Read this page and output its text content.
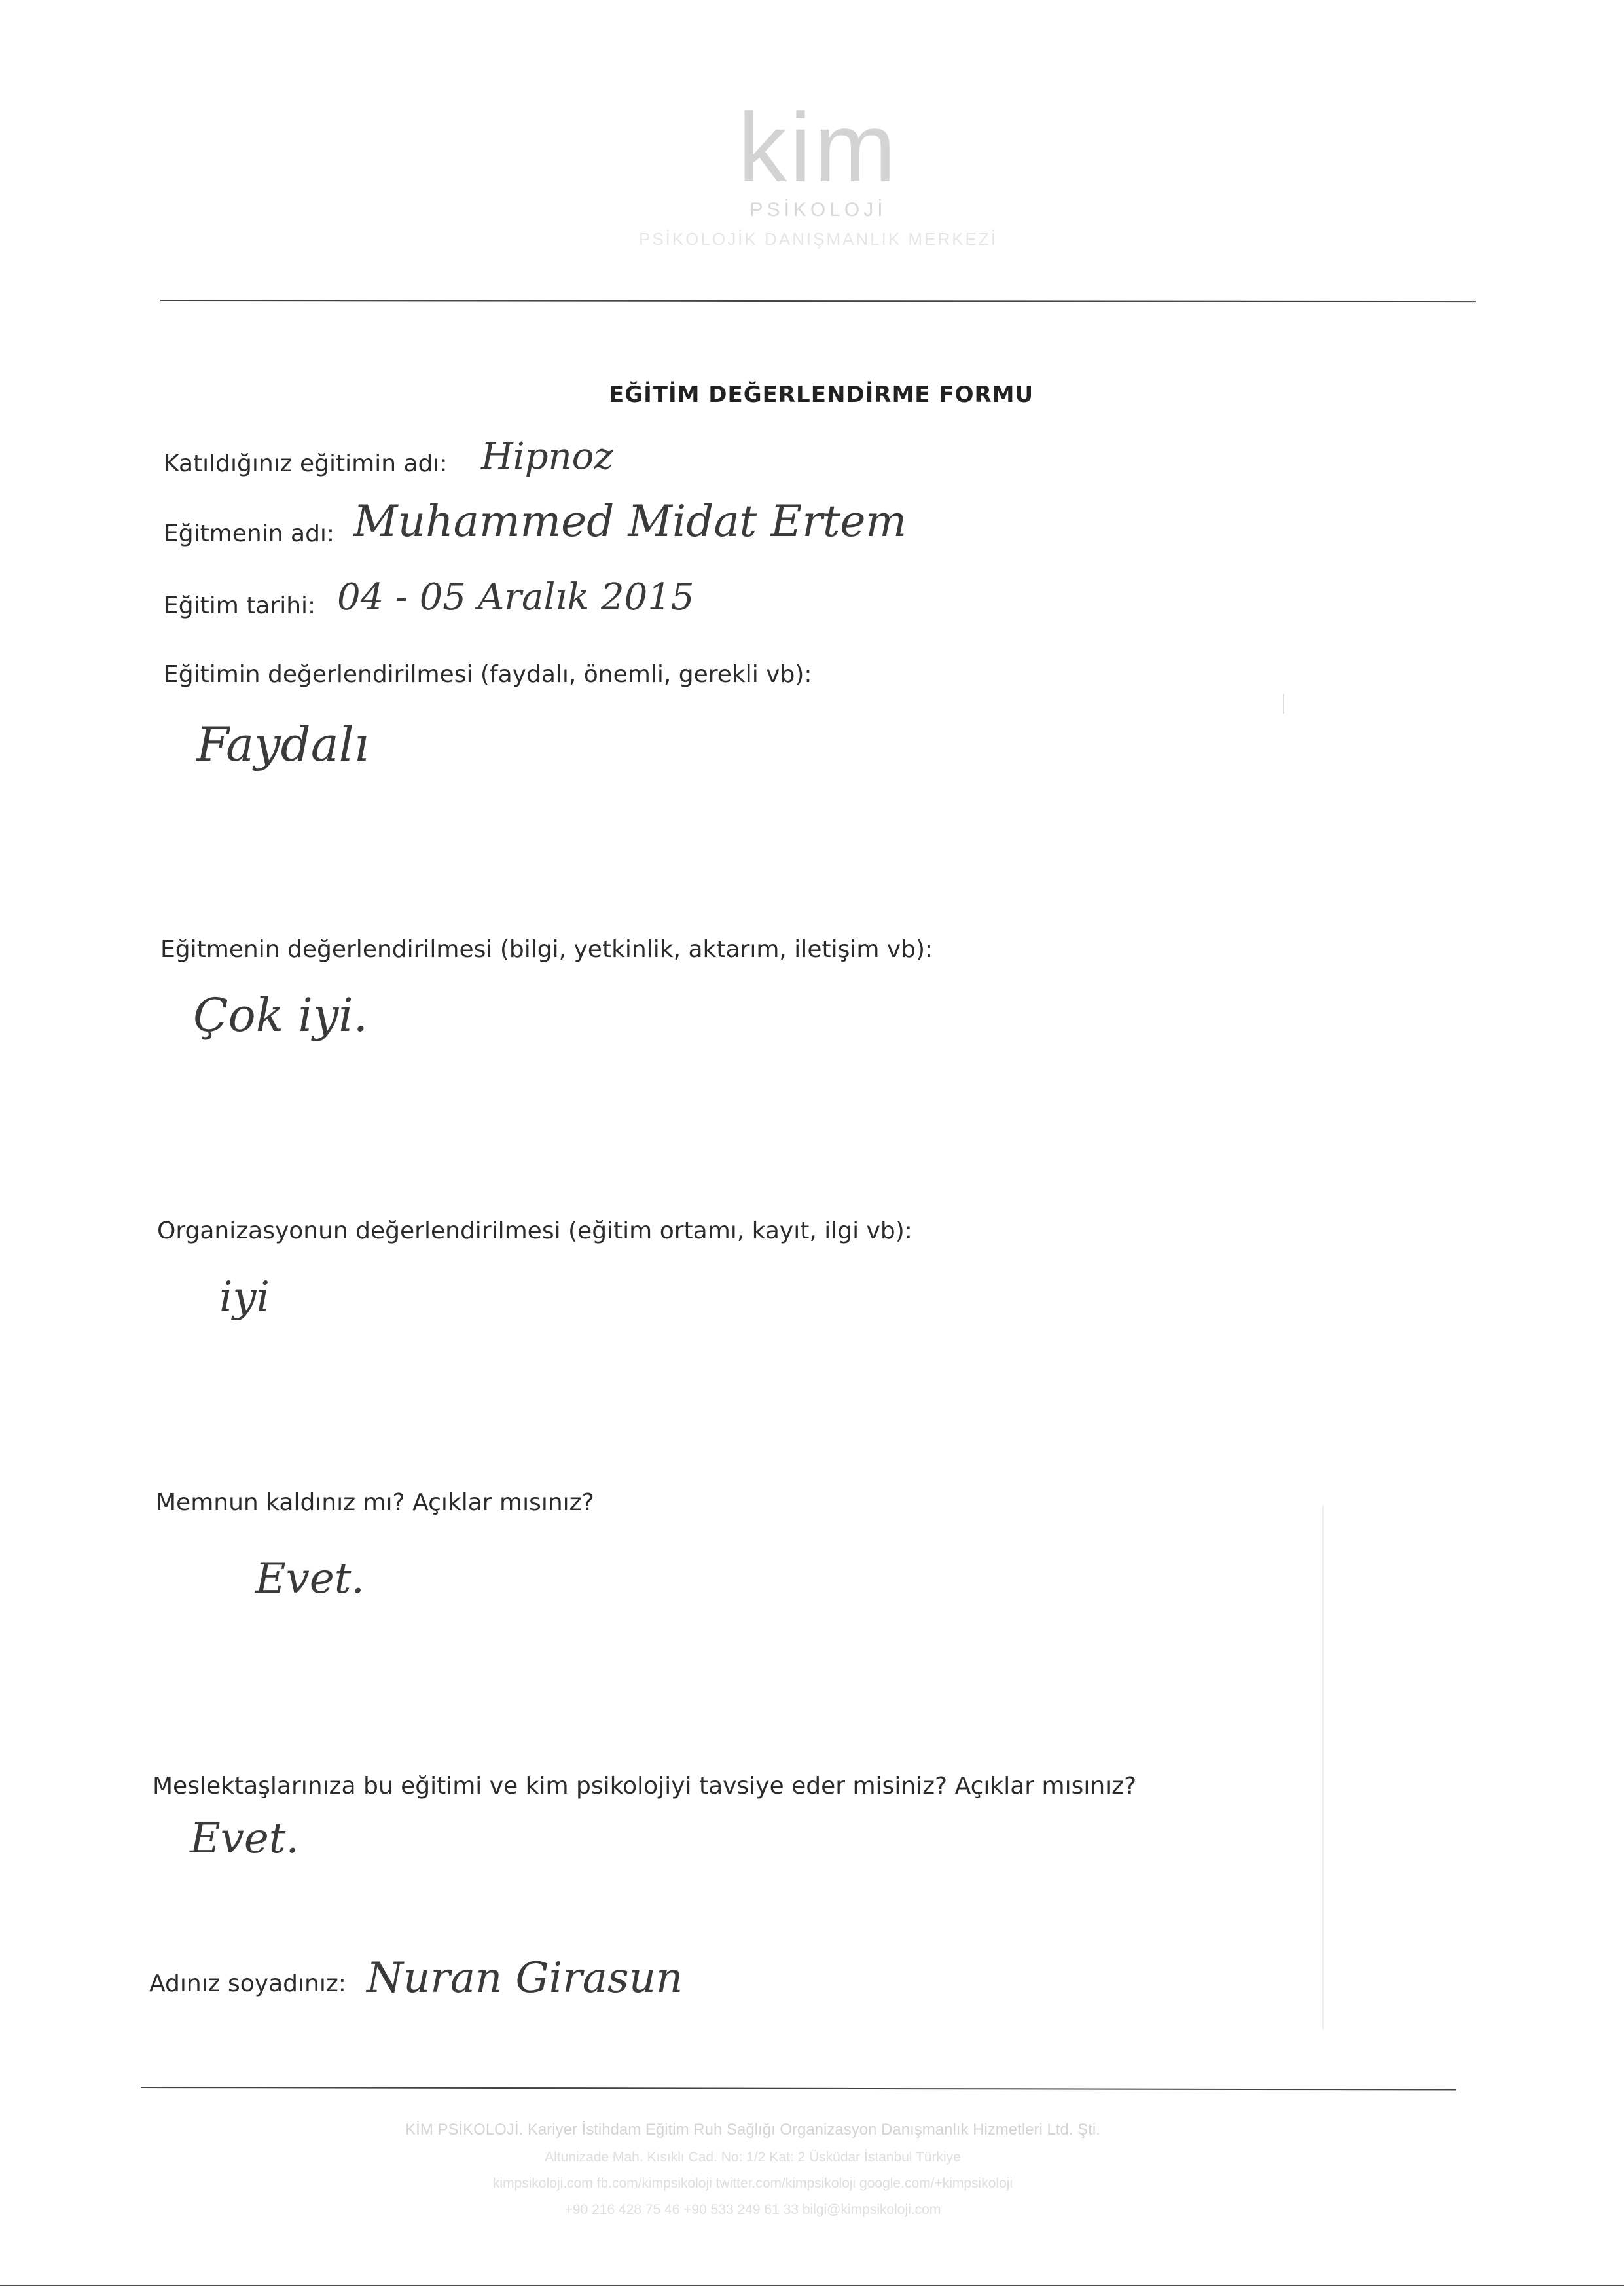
kim
PSİKOLOJİ
PSİKOLOJİK DANIŞMANLIK MERKEZİ
EĞİTİM DEĞERLENDİRME FORMU
Katıldığınız eğitimin adı: Hipnoz
Eğitmenin adı: Muhammed Midat Ertem
Eğitim tarihi: 04 - 05 Aralık 2015
Eğitimin değerlendirilmesi (faydalı, önemli, gerekli vb):
Faydalı
Eğitmenin değerlendirilmesi (bilgi, yetkinlik, aktarım, iletişim vb):
Çok iyi.
Organizasyonun değerlendirilmesi (eğitim ortamı, kayıt, ilgi vb):
iyi
Memnun kaldınız mı? Açıklar mısınız?
Evet.
Meslektaşlarınıza bu eğitimi ve kim psikolojiyi tavsiye eder misiniz? Açıklar mısınız?
Evet.
Adınız soyadınız: Nuran Girasun
KİM PSİKOLOJİ. Kariyer İstihdam Eğitim Ruh Sağlığı Organizasyon Danışmanlık Hizmetleri Ltd. Şti.
Altunizade Mah. Kısıklı Cad. No: 1/2 Kat: 2 Üsküdar İstanbul Türkiye
kimpsikoloji.com fb.com/kimpsikoloji twitter.com/kimpsikoloji google.com/+kimpsikoloji
+90 216 428 75 46 +90 533 249 61 33 bilgi@kimpsikoloji.com
